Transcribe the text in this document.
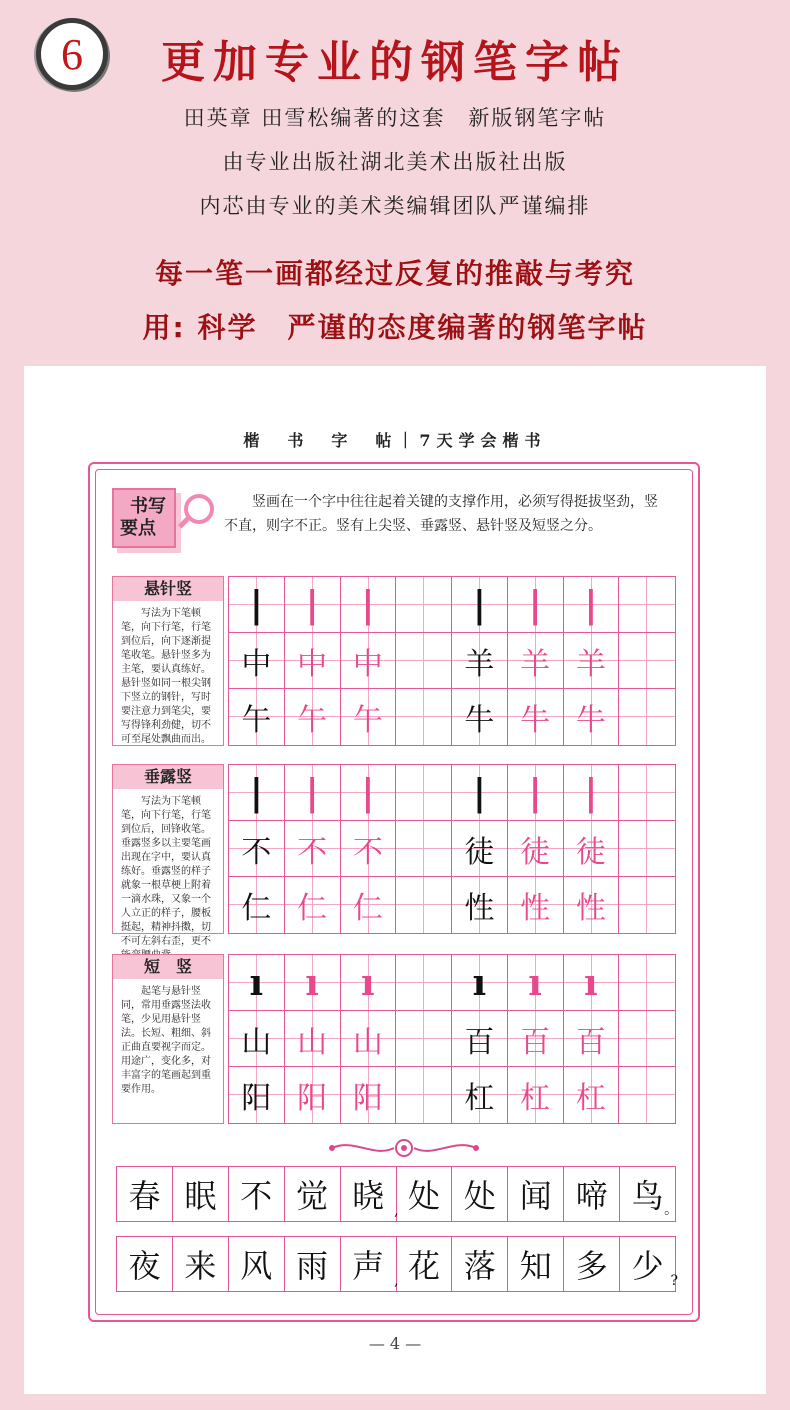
6	更加专业的钢笔字帖
田英章 田雪松编著的这套　新版钢笔字帖
由专业出版社湖北美术出版社出版
内芯由专业的美术类编辑团队严谨编排
每一笔一画都经过反复的推敲与考究
用: 科学　严谨的态度编著的钢笔字帖
楷　书　字　帖｜7天学会楷书
书写
要点
竖画在一个字中往往起着关键的支撑作用，必须写得挺拔坚劲，竖不直，则字不正。竖有上尖竖、垂露竖、悬针竖及短竖之分。
悬针竖
写法为下笔顿笔，向下行笔，行笔到位后，向下逐渐提笔收笔。悬针竖多为主笔，要认真练好。悬针竖如同一根尖钢下竖立的钢针，写时要注意力到笔尖，要写得锋利劲健，切不可至尾处飘曲而出。
|	|	|	|	|	|
中 中 中	羊 羊 羊
午 午 午	牛 牛 牛
垂露竖
写法为下笔顿笔，向下行笔，行笔到位后，回锋收笔。垂露竖多以主要笔画出现在字中，要认真练好。垂露竖的样子就象一根草梗上附着一滴水珠，又象一个人立正的样子，腰板挺起，精神抖擞，切不可左斜右歪，更不
|	|	|	|	|	|
不 不 不	徒 徒 徒
仁 仁 仁	性 性 性
短　竖
起笔与悬针竖同，常用垂露竖法收笔，少见用悬针竖法。长短、粗细、斜正曲直要视字而定。用途广，变化多，对丰富字的笔画起到重要作用。
ı	ı	ı	ı	ı	ı
山 山 山	百 百 百
阳 阳 阳	杠 杠 杠
春 眠 不 觉 晓 , 处 处 闻 啼 鸟 。
夜 来 风 雨 声 , 花 落 知 多 少 ?
— 4 —
